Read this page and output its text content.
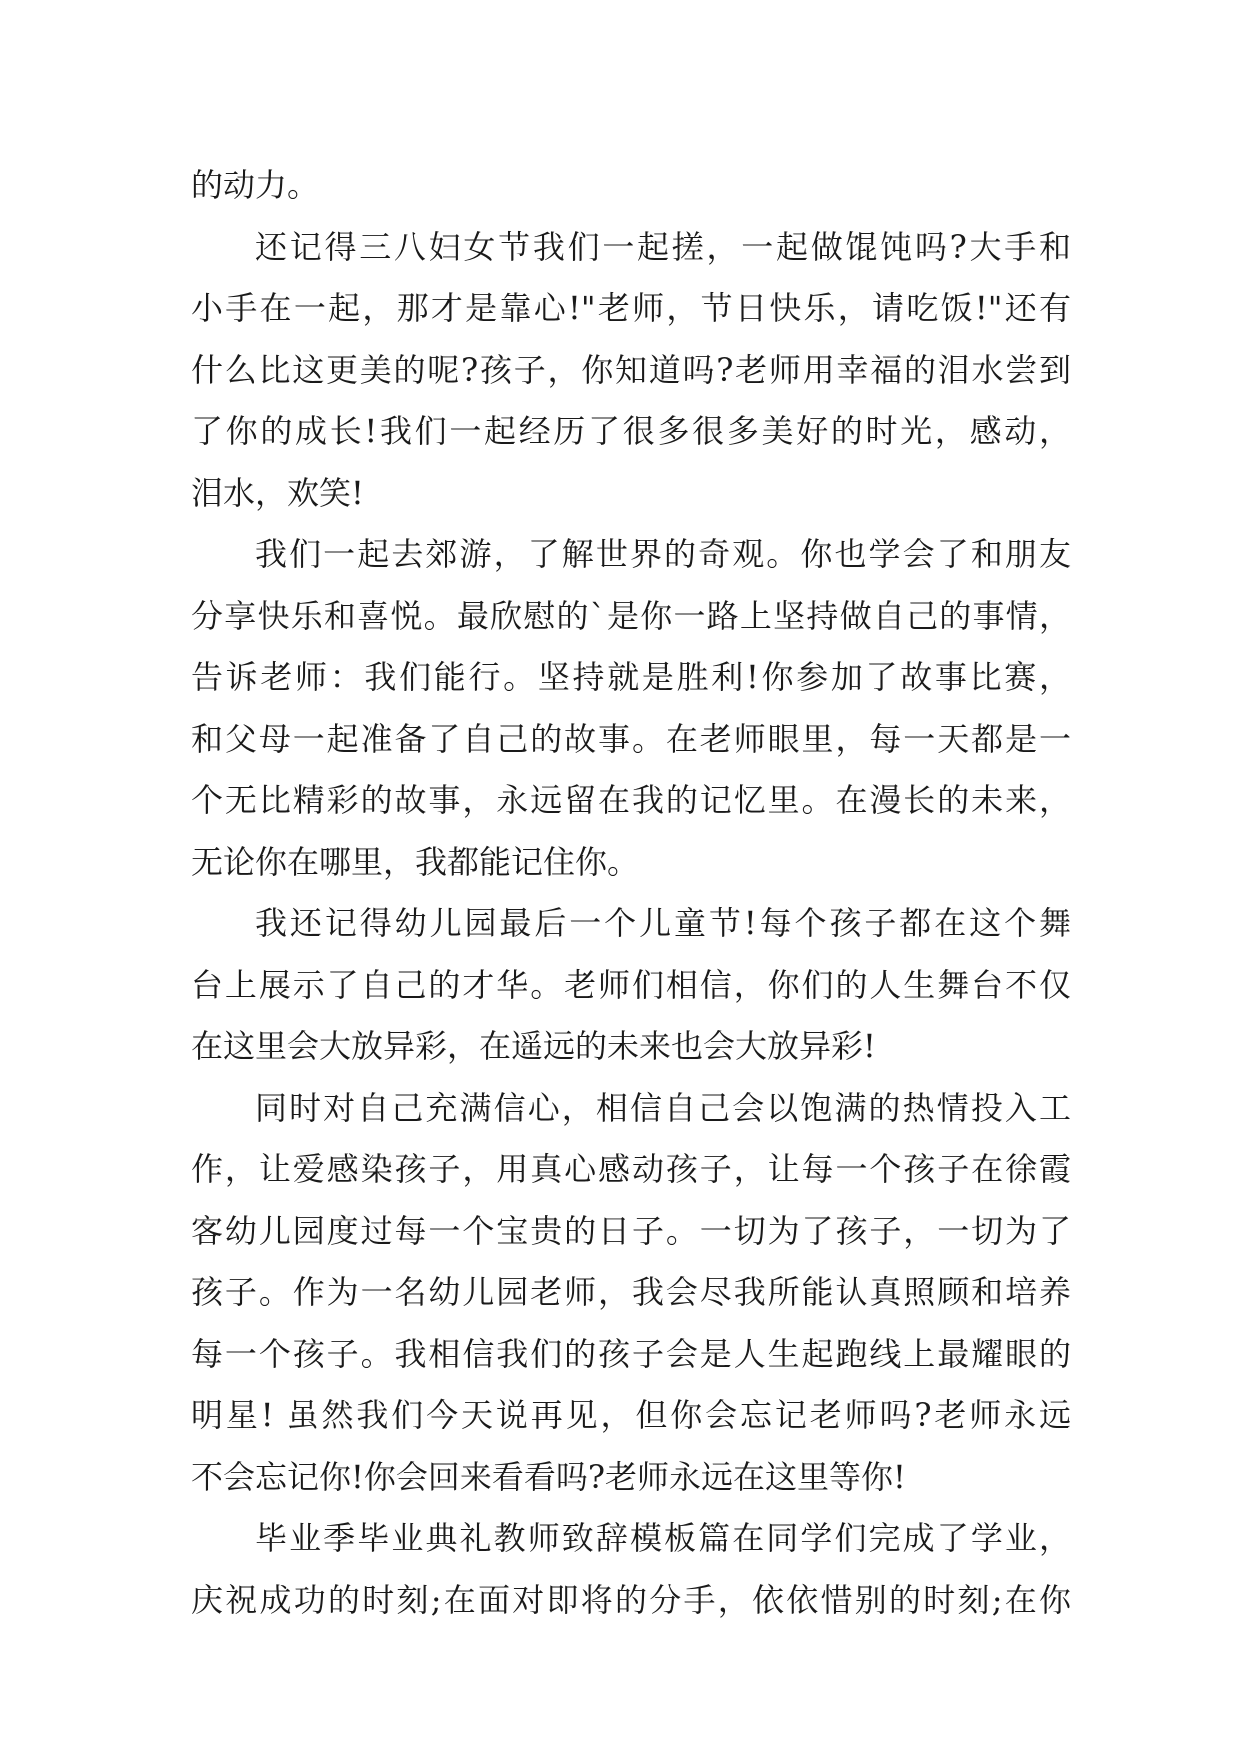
的动力。
还记得三八妇女节我们一起搓，一起做馄饨吗?大手和
小手在一起，那才是靠心!"老师，节日快乐，请吃饭!"还有
什么比这更美的呢?孩子，你知道吗?老师用幸福的泪水尝到
了你的成长!我们一起经历了很多很多美好的时光，感动，
泪水，欢笑!
我们一起去郊游，了解世界的奇观。你也学会了和朋友
分享快乐和喜悦。最欣慰的`是你一路上坚持做自己的事情，
告诉老师：我们能行。坚持就是胜利!你参加了故事比赛，
和父母一起准备了自己的故事。在老师眼里，每一天都是一
个无比精彩的故事，永远留在我的记忆里。在漫长的未来，
无论你在哪里，我都能记住你。
我还记得幼儿园最后一个儿童节!每个孩子都在这个舞
台上展示了自己的才华。老师们相信，你们的人生舞台不仅
在这里会大放异彩，在遥远的未来也会大放异彩!
同时对自己充满信心，相信自己会以饱满的热情投入工
作，让爱感染孩子，用真心感动孩子，让每一个孩子在徐霞
客幼儿园度过每一个宝贵的日子。一切为了孩子，一切为了
孩子。作为一名幼儿园老师，我会尽我所能认真照顾和培养
每一个孩子。我相信我们的孩子会是人生起跑线上最耀眼的
明星! 虽然我们今天说再见，但你会忘记老师吗?老师永远
不会忘记你!你会回来看看吗?老师永远在这里等你!
毕业季毕业典礼教师致辞模板篇在同学们完成了学业，
庆祝成功的时刻;在面对即将的分手，依依惜别的时刻;在你
